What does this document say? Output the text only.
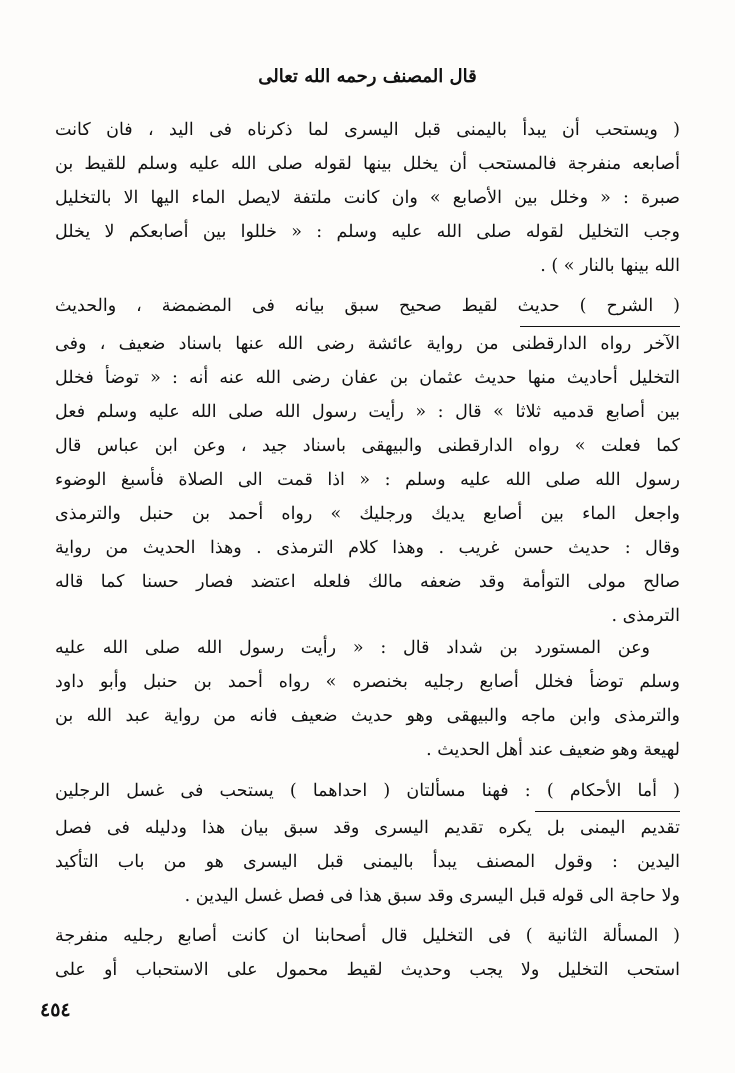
قال المصنف رحمه الله تعالى
( ويستحب أن يبدأ باليمنى قبل اليسرى لما ذكرناه فى اليد ، فان كانت
أصابعه منفرجة فالمستحب أن يخلل بينها لقوله صلى الله عليه وسلم للقيط بن
صبرة : « وخلل بين الأصابع » وان كانت ملتفة لايصل الماء اليها الا بالتخليل
وجب التخليل لقوله صلى الله عليه وسلم : « خللوا بين أصابعكم لا يخلل
الله بينها بالنار » ) .
( الشرح ) حديث لقيط صحيح سبق بيانه فى المضمضة ، والحديث
الآخر رواه الدارقطنى من رواية عائشة رضى الله عنها باسناد ضعيف ، وفى
التخليل أحاديث منها حديث عثمان بن عفان رضى الله عنه أنه : « توضأ فخلل
بين أصابع قدميه ثلاثا » قال : « رأيت رسول الله صلى الله عليه وسلم فعل
كما فعلت » رواه الدارقطنى والبيهقى باسناد جيد ، وعن ابن عباس قال
رسول الله صلى الله عليه وسلم : « اذا قمت الى الصلاة فأسبغ الوضوء
واجعل الماء بين أصابع يديك ورجليك » رواه أحمد بن حنبل والترمذى
وقال : حديث حسن غريب . وهذا كلام الترمذى . وهذا الحديث من رواية
صالح مولى التوأمة وقد ضعفه مالك فلعله اعتضد فصار حسنا كما قاله
الترمذى .
وعن المستورد بن شداد قال : « رأيت رسول الله صلى الله عليه
وسلم توضأ فخلل أصابع رجليه بخنصره » رواه أحمد بن حنبل وأبو داود
والترمذى وابن ماجه والبيهقى وهو حديث ضعيف فانه من رواية عبد الله بن
لهيعة وهو ضعيف عند أهل الحديث .
( أما الأحكام ) : فهنا مسألتان ( احداهما ) يستحب فى غسل الرجلين
تقديم اليمنى بل يكره تقديم اليسرى وقد سبق بيان هذا ودليله فى فصل
اليدين : وقول المصنف يبدأ باليمنى قبل اليسرى هو من باب التأكيد
ولا حاجة الى قوله قبل اليسرى وقد سبق هذا فى فصل غسل اليدين .
( المسألة الثانية ) فى التخليل قال أصحابنا ان كانت أصابع رجليه منفرجة
استحب التخليل ولا يجب وحديث لقيط محمول على الاستحباب أو على
٤٥٤
